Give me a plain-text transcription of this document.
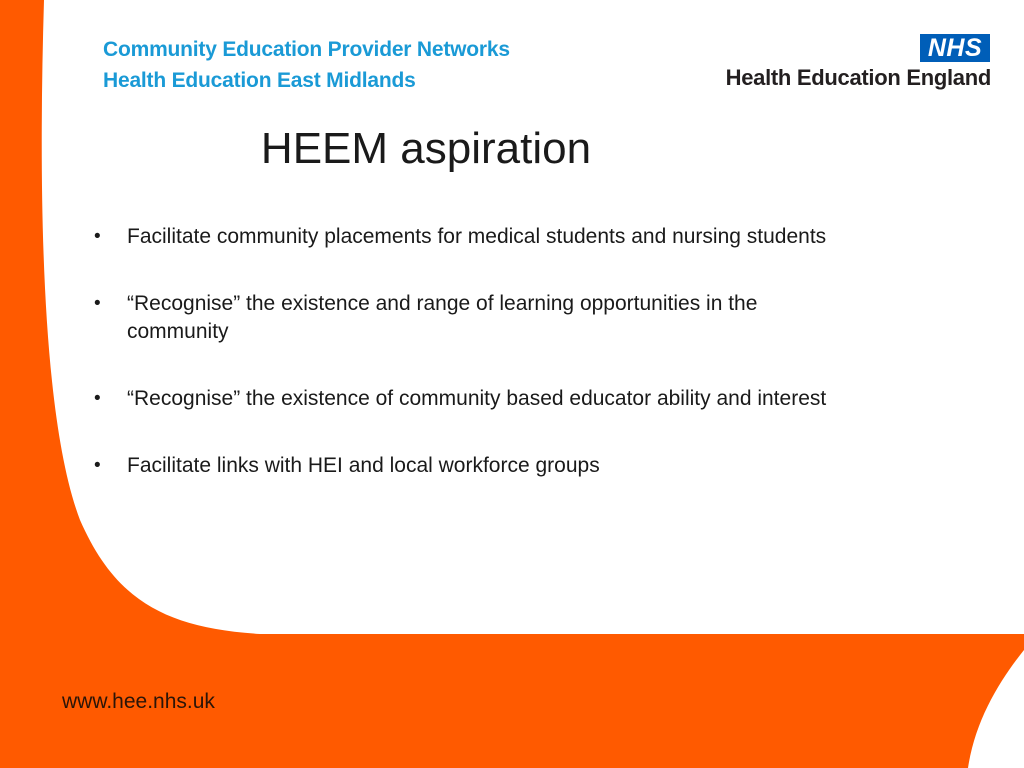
Community Education Provider Networks
Health Education East Midlands
NHS
Health Education England
HEEM aspiration
• Facilitate community placements for medical students and nursing students
• “Recognise” the existence and range of learning opportunities in the community
• “Recognise” the existence of community based educator ability and interest
• Facilitate links with HEI and local workforce groups
www.hee.nhs.uk
